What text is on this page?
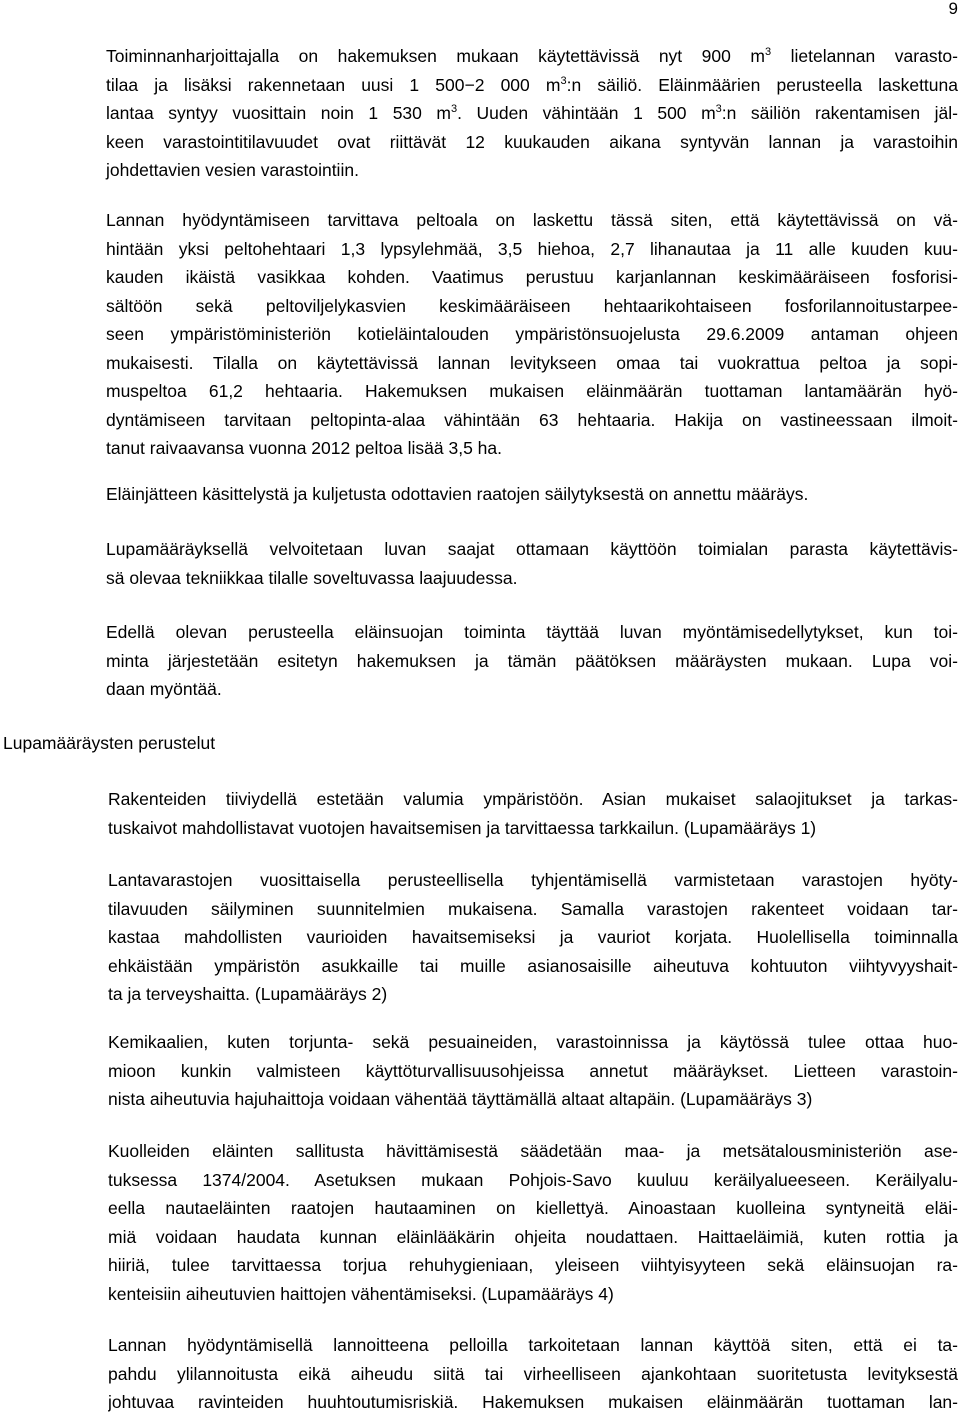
9
Toiminnanharjoittajalla on hakemuksen mukaan käytettävissä nyt 900 $m^3$ lietelannan varasto-
tilaa ja lisäksi rakennetaan uusi 1 500−2 000 $m^3:n$ säiliö. Eläinmäärien perusteella laskettuna
lantaa syntyy vuosittain noin 1 530 $m^3$. Uuden vähintään 1 500 $m^3:n$ säiliön rakentamisen jäl-
keen varastointitilavuudet ovat riittävät 12 kuukauden aikana syntyvän lannan ja varastoihin
johdettavien vesien varastointiin.
Lannan hyödyntämiseen tarvittava peltoala on laskettu tässä siten, että käytettävissä on vä-
hintään yksi peltohehtaari 1,3 lypsylehmää, 3,5 hiehoa, 2,7 lihanautaa ja 11 alle kuuden kuu-
kauden ikäistä vasikkaa kohden. Vaatimus perustuu karjanlannan keskimääräiseen fosforisi-
sältöön sekä peltoviljelykasvien keskimääräiseen hehtaarikohtaiseen fosforilannoitustarpee-
seen ympäristöministeriön kotieläintalouden ympäristönsuojelusta 29.6.2009 antaman ohjeen
mukaisesti. Tilalla on käytettävissä lannan levitykseen omaa tai vuokrattua peltoa ja sopi-
muspeltoa 61,2 hehtaaria. Hakemuksen mukaisen eläinmäärän tuottaman lantamäärän hyö-
dyntämiseen tarvitaan peltopinta-alaa vähintään 63 hehtaaria. Hakija on vastineessaan ilmoit-
tanut raivaavansa vuonna 2012 peltoa lisää 3,5 ha.
Eläinjätteen käsittelystä ja kuljetusta odottavien raatojen säilytyksestä on annettu määräys.
Lupamääräyksellä velvoitetaan luvan saajat ottamaan käyttöön toimialan parasta käytettävis-
sä olevaa tekniikkaa tilalle soveltuvassa laajuudessa.
Edellä olevan perusteella eläinsuojan toiminta täyttää luvan myöntämisedellytykset, kun toi-
minta järjestetään esitetyn hakemuksen ja tämän päätöksen määräysten mukaan. Lupa voi-
daan myöntää.
Lupamääräysten perustelut
Rakenteiden tiiviydellä estetään valumia ympäristöön. Asian mukaiset salaojitukset ja tarkas-
tuskaivot mahdollistavat vuotojen havaitsemisen ja tarvittaessa tarkkailun. (Lupamääräys 1)
Lantavarastojen vuosittaisella perusteellisella tyhjentämisellä varmistetaan varastojen hyöty-
tilavuuden säilyminen suunnitelmien mukaisena. Samalla varastojen rakenteet voidaan tar-
kastaa mahdollisten vaurioiden havaitsemiseksi ja vauriot korjata. Huolellisella toiminnalla
ehkäistään ympäristön asukkaille tai muille asianosaisille aiheutuva kohtuuton viihtyvyyshait-
ta ja terveyshaitta. (Lupamääräys 2)
Kemikaalien, kuten torjunta- sekä pesuaineiden, varastoinnissa ja käytössä tulee ottaa huo-
mioon kunkin valmisteen käyttöturvallisuusohjeissa annetut määräykset. Lietteen varastoin-
nista aiheutuvia hajuhaittoja voidaan vähentää täyttämällä altaat altapäin. (Lupamääräys 3)
Kuolleiden eläinten sallitusta hävittämisestä säädetään maa- ja metsätalousministeriön ase-
tuksessa 1374/2004. Asetuksen mukaan Pohjois-Savo kuuluu keräilyalueeseen. Keräilyalu-
eella nautaeläinten raatojen hautaaminen on kiellettyä. Ainoastaan kuolleina syntyneitä eläi-
miä voidaan haudata kunnan eläinlääkärin ohjeita noudattaen. Haittaeläimiä, kuten rottia ja
hiiriä, tulee tarvittaessa torjua rehuhygieniaan, yleiseen viihtyisyyteen sekä eläinsuojan ra-
kenteisiin aiheutuvien haittojen vähentämiseksi. (Lupamääräys 4)
Lannan hyödyntämisellä lannoitteena pelloilla tarkoitetaan lannan käyttöä siten, että ei ta-
pahdu ylilannoitusta eikä aiheudu siitä tai virheelliseen ajankohtaan suoritetusta levityksestä
johtuvaa ravinteiden huuhtoutumisriskiä. Hakemuksen mukaisen eläinmäärän tuottaman lan-
